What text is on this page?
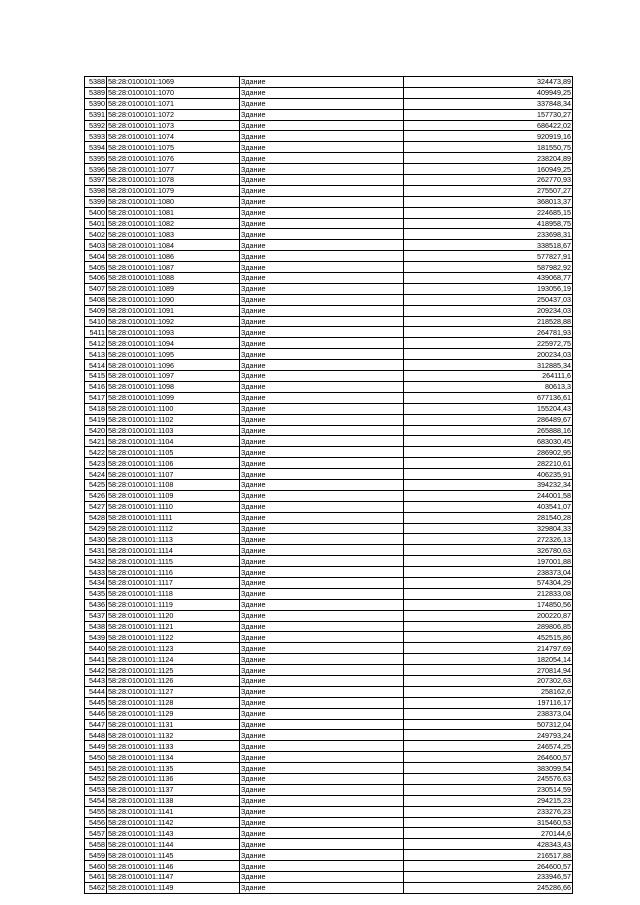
5388	58:28:0100101:1069	Здание	324473,89
5389	58:28:0100101:1070	Здание	409949,25
5390	58:28:0100101:1071	Здание	337848,34
5391	58:28:0100101:1072	Здание	157730,27
5392	58:28:0100101:1073	Здание	686422,02
5393	58:28:0100101:1074	Здание	920919,16
5394	58:28:0100101:1075	Здание	181550,75
5395	58:28:0100101:1076	Здание	238204,89
5396	58:28:0100101:1077	Здание	160949,25
5397	58:28:0100101:1078	Здание	262770,93
5398	58:28:0100101:1079	Здание	275507,27
5399	58:28:0100101:1080	Здание	368013,37
5400	58:28:0100101:1081	Здание	224685,15
5401	58:28:0100101:1082	Здание	418958,75
5402	58:28:0100101:1083	Здание	233698,31
5403	58:28:0100101:1084	Здание	338518,67
5404	58:28:0100101:1086	Здание	577827,91
5405	58:28:0100101:1087	Здание	587982,92
5406	58:28:0100101:1088	Здание	439068,77
5407	58:28:0100101:1089	Здание	193056,19
5408	58:28:0100101:1090	Здание	250437,03
5409	58:28:0100101:1091	Здание	209234,03
5410	58:28:0100101:1092	Здание	218528,88
5411	58:28:0100101:1093	Здание	264781,93
5412	58:28:0100101:1094	Здание	225972,75
5413	58:28:0100101:1095	Здание	200234,03
5414	58:28:0100101:1096	Здание	312885,34
5415	58:28:0100101:1097	Здание	264111,6
5416	58:28:0100101:1098	Здание	80613,3
5417	58:28:0100101:1099	Здание	677136,61
5418	58:28:0100101:1100	Здание	155204,43
5419	58:28:0100101:1102	Здание	286489,67
5420	58:28:0100101:1103	Здание	265888,16
5421	58:28:0100101:1104	Здание	683030,45
5422	58:28:0100101:1105	Здание	286902,95
5423	58:28:0100101:1106	Здание	282210,61
5424	58:28:0100101:1107	Здание	406235,91
5425	58:28:0100101:1108	Здание	394232,34
5426	58:28:0100101:1109	Здание	244001,58
5427	58:28:0100101:1110	Здание	403541,07
5428	58:28:0100101:1111	Здание	281540,28
5429	58:28:0100101:1112	Здание	329804,33
5430	58:28:0100101:1113	Здание	272326,13
5431	58:28:0100101:1114	Здание	326780,63
5432	58:28:0100101:1115	Здание	197001,88
5433	58:28:0100101:1116	Здание	238373,04
5434	58:28:0100101:1117	Здание	574304,29
5435	58:28:0100101:1118	Здание	212833,08
5436	58:28:0100101:1119	Здание	174850,56
5437	58:28:0100101:1120	Здание	200220,87
5438	58:28:0100101:1121	Здание	289806,85
5439	58:28:0100101:1122	Здание	452515,86
5440	58:28:0100101:1123	Здание	214797,69
5441	58:28:0100101:1124	Здание	182054,14
5442	58:28:0100101:1125	Здание	270814,94
5443	58:28:0100101:1126	Здание	207302,63
5444	58:28:0100101:1127	Здание	258162,6
5445	58:28:0100101:1128	Здание	197116,17
5446	58:28:0100101:1129	Здание	238373,04
5447	58:28:0100101:1131	Здание	507312,04
5448	58:28:0100101:1132	Здание	249793,24
5449	58:28:0100101:1133	Здание	246574,25
5450	58:28:0100101:1134	Здание	264600,57
5451	58:28:0100101:1135	Здание	383099,54
5452	58:28:0100101:1136	Здание	245576,63
5453	58:28:0100101:1137	Здание	230514,59
5454	58:28:0100101:1138	Здание	294215,23
5455	58:28:0100101:1141	Здание	233276,23
5456	58:28:0100101:1142	Здание	315460,53
5457	58:28:0100101:1143	Здание	270144,6
5458	58:28:0100101:1144	Здание	428343,43
5459	58:28:0100101:1145	Здание	216517,88
5460	58:28:0100101:1146	Здание	264600,57
5461	58:28:0100101:1147	Здание	233946,57
5462	58:28:0100101:1149	Здание	245286,66
